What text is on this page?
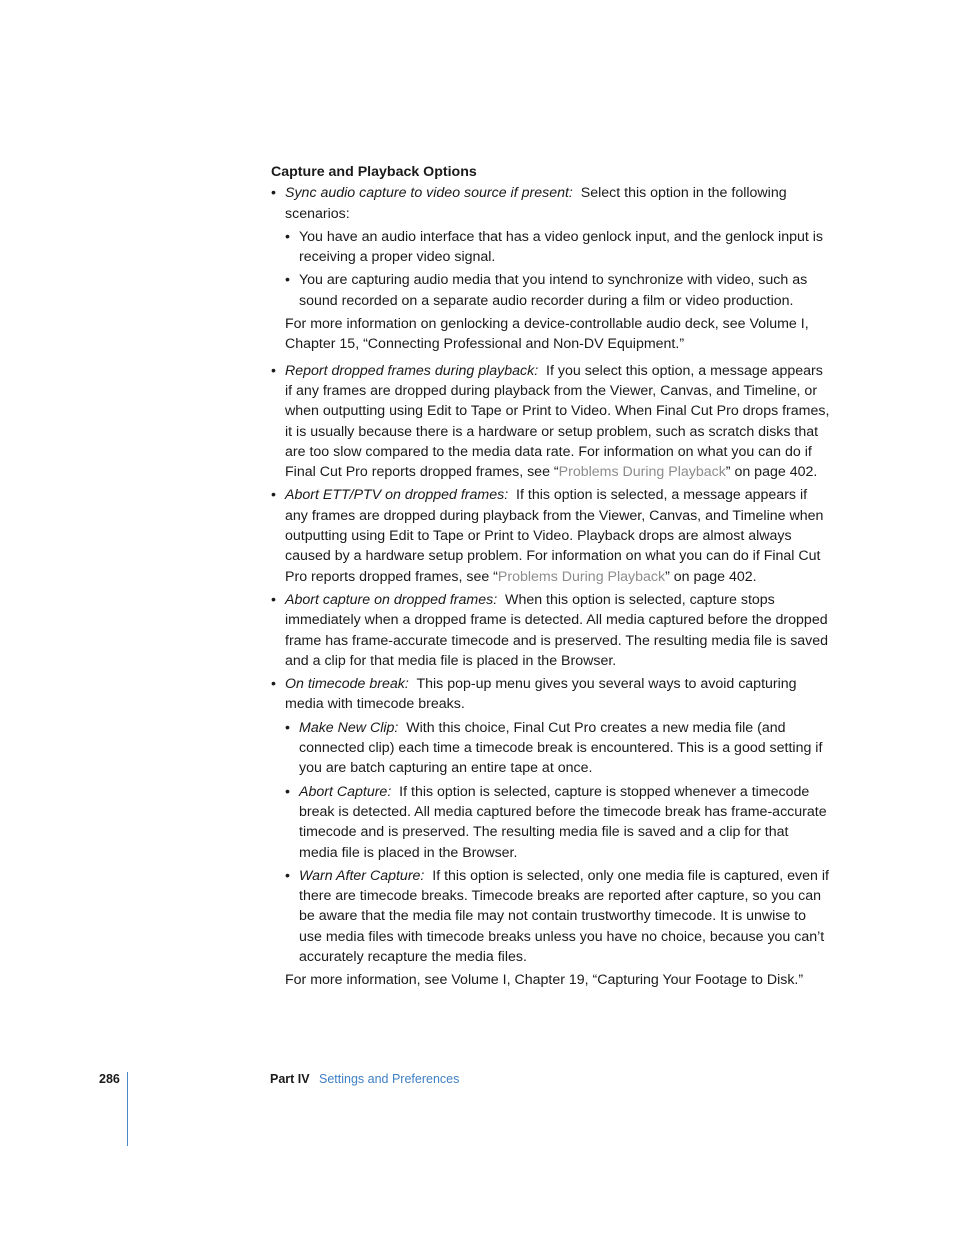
Capture and Playback Options
• Sync audio capture to video source if present: Select this option in the following scenarios:
• You have an audio interface that has a video genlock input, and the genlock input is receiving a proper video signal.
• You are capturing audio media that you intend to synchronize with video, such as sound recorded on a separate audio recorder during a film or video production.
For more information on genlocking a device-controllable audio deck, see Volume I, Chapter 15, “Connecting Professional and Non-DV Equipment.”
• Report dropped frames during playback: If you select this option, a message appears if any frames are dropped during playback from the Viewer, Canvas, and Timeline, or when outputting using Edit to Tape or Print to Video. When Final Cut Pro drops frames, it is usually because there is a hardware or setup problem, such as scratch disks that are too slow compared to the media data rate. For information on what you can do if Final Cut Pro reports dropped frames, see “Problems During Playback” on page 402.
• Abort ETT/PTV on dropped frames: If this option is selected, a message appears if any frames are dropped during playback from the Viewer, Canvas, and Timeline when outputting using Edit to Tape or Print to Video. Playback drops are almost always caused by a hardware setup problem. For information on what you can do if Final Cut Pro reports dropped frames, see “Problems During Playback” on page 402.
• Abort capture on dropped frames: When this option is selected, capture stops immediately when a dropped frame is detected. All media captured before the dropped frame has frame-accurate timecode and is preserved. The resulting media file is saved and a clip for that media file is placed in the Browser.
• On timecode break: This pop-up menu gives you several ways to avoid capturing media with timecode breaks.
• Make New Clip: With this choice, Final Cut Pro creates a new media file (and connected clip) each time a timecode break is encountered. This is a good setting if you are batch capturing an entire tape at once.
• Abort Capture: If this option is selected, capture is stopped whenever a timecode break is detected. All media captured before the timecode break has frame-accurate timecode and is preserved. The resulting media file is saved and a clip for that media file is placed in the Browser.
• Warn After Capture: If this option is selected, only one media file is captured, even if there are timecode breaks. Timecode breaks are reported after capture, so you can be aware that the media file may not contain trustworthy timecode. It is unwise to use media files with timecode breaks unless you have no choice, because you can’t accurately recapture the media files.
For more information, see Volume I, Chapter 19, “Capturing Your Footage to Disk.”
286	Part IV Settings and Preferences
